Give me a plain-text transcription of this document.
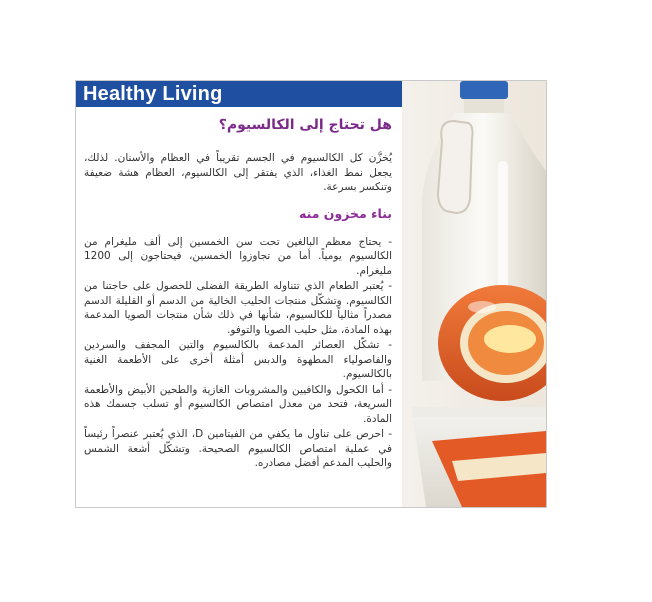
Healthy Living
هل تحتاج إلى الكالسيوم؟

يُخزَّن كل الكالسيوم في الجسم تقريباً في العظام والأسنان. لذلك، يجعل نمط الغذاء، الذي يفتقر إلى الكالسيوم، العظام هشة ضعيفة وتنكسر بسرعة.

بناء مخزون منه

- يحتاج معظم البالغين تحت سن الخمسين إلى ألف مليغرام من الكالسيوم يومياً. أما من تجاوزوا الخمسين، فيحتاجون إلى 1200 مليغرام.

- يُعتبر الطعام الذي تتناوله الطريقة الفضلى للحصول على حاجتنا من الكالسيوم. وتشكّل منتجات الحليب الخالية من الدسم أو القليلة الدسم مصدراً مثالياً للكالسيوم، شأنها في ذلك شأن منتجات الصويا المدعمة بهذه المادة، مثل حليب الصويا والتوفو.

- تشكّل العصائر المدعمة بالكالسيوم والتين المجفف والسردين والفاصولياء المطهوة والدبس أمثلة أخرى على الأطعمة الغنية بالكالسيوم.

- أما الكحول والكافيين والمشروبات الغازية والطحين الأبيض والأطعمة السريعة، فتحد من معدل امتصاص الكالسيوم أو تسلب جسمك هذه المادة.

- احرص على تناول ما يكفي من الفيتامين D، الذي يُعتبر عنصراً رئيساً في عملية امتصاص الكالسيوم الصحيحة. وتشكّل أشعة الشمس والحليب المدعم أفضل مصادره.
